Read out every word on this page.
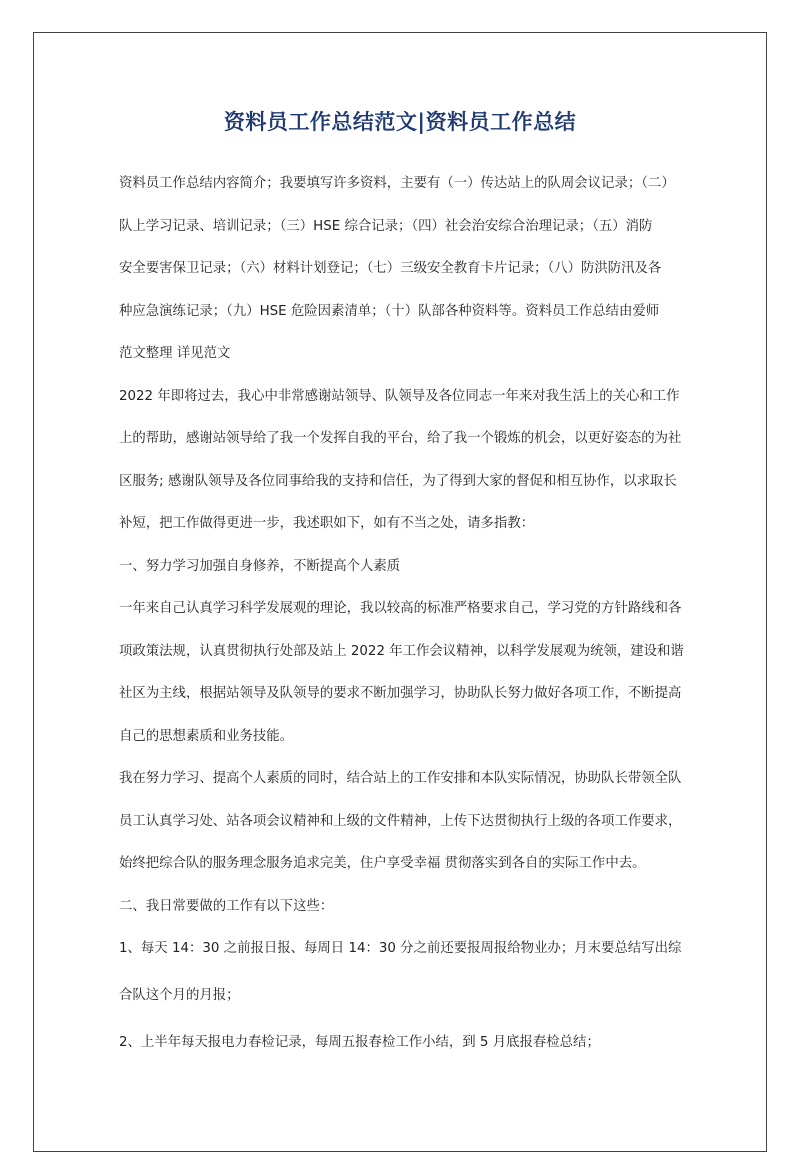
资料员工作总结范文|资料员工作总结
资料员工作总结内容简介；我要填写许多资料，主要有（一）传达站上的队周会议记录；（二）
队上学习记录、培训记录；（三）HSE 综合记录；（四）社会治安综合治理记录；（五）消防
安全要害保卫记录；（六）材料计划登记；（七）三级安全教育卡片记录；（八）防洪防汛及各
种应急演练记录；（九）HSE 危险因素清单；（十）队部各种资料等。资料员工作总结由爱师
范文整理 详见范文
2022 年即将过去，我心中非常感谢站领导、队领导及各位同志一年来对我生活上的关心和工作
上的帮助，感谢站领导给了我一个发挥自我的平台，给了我一个锻炼的机会，以更好姿态的为社
区服务; 感谢队领导及各位同事给我的支持和信任，为了得到大家的督促和相互协作，以求取长
补短，把工作做得更进一步，我述职如下，如有不当之处，请多指教：
一、努力学习加强自身修养，不断提高个人素质
一年来自己认真学习科学发展观的理论，我以较高的标准严格要求自己，学习党的方针路线和各
项政策法规，认真贯彻执行处部及站上 2022 年工作会议精神，以科学发展观为统领，建设和谐
社区为主线，根据站领导及队领导的要求不断加强学习，协助队长努力做好各项工作，不断提高
自己的思想素质和业务技能。
我在努力学习、提高个人素质的同时，结合站上的工作安排和本队实际情况，协助队长带领全队
员工认真学习处、站各项会议精神和上级的文件精神，上传下达贯彻执行上级的各项工作要求，
始终把综合队的服务理念服务追求完美，住户享受幸福 贯彻落实到各自的实际工作中去。
二、我日常要做的工作有以下这些：
1、每天 14：30 之前报日报、每周日 14：30 分之前还要报周报给物业办；月末要总结写出综
合队这个月的月报；
2、上半年每天报电力春检记录，每周五报春检工作小结，到 5 月底报春检总结；
